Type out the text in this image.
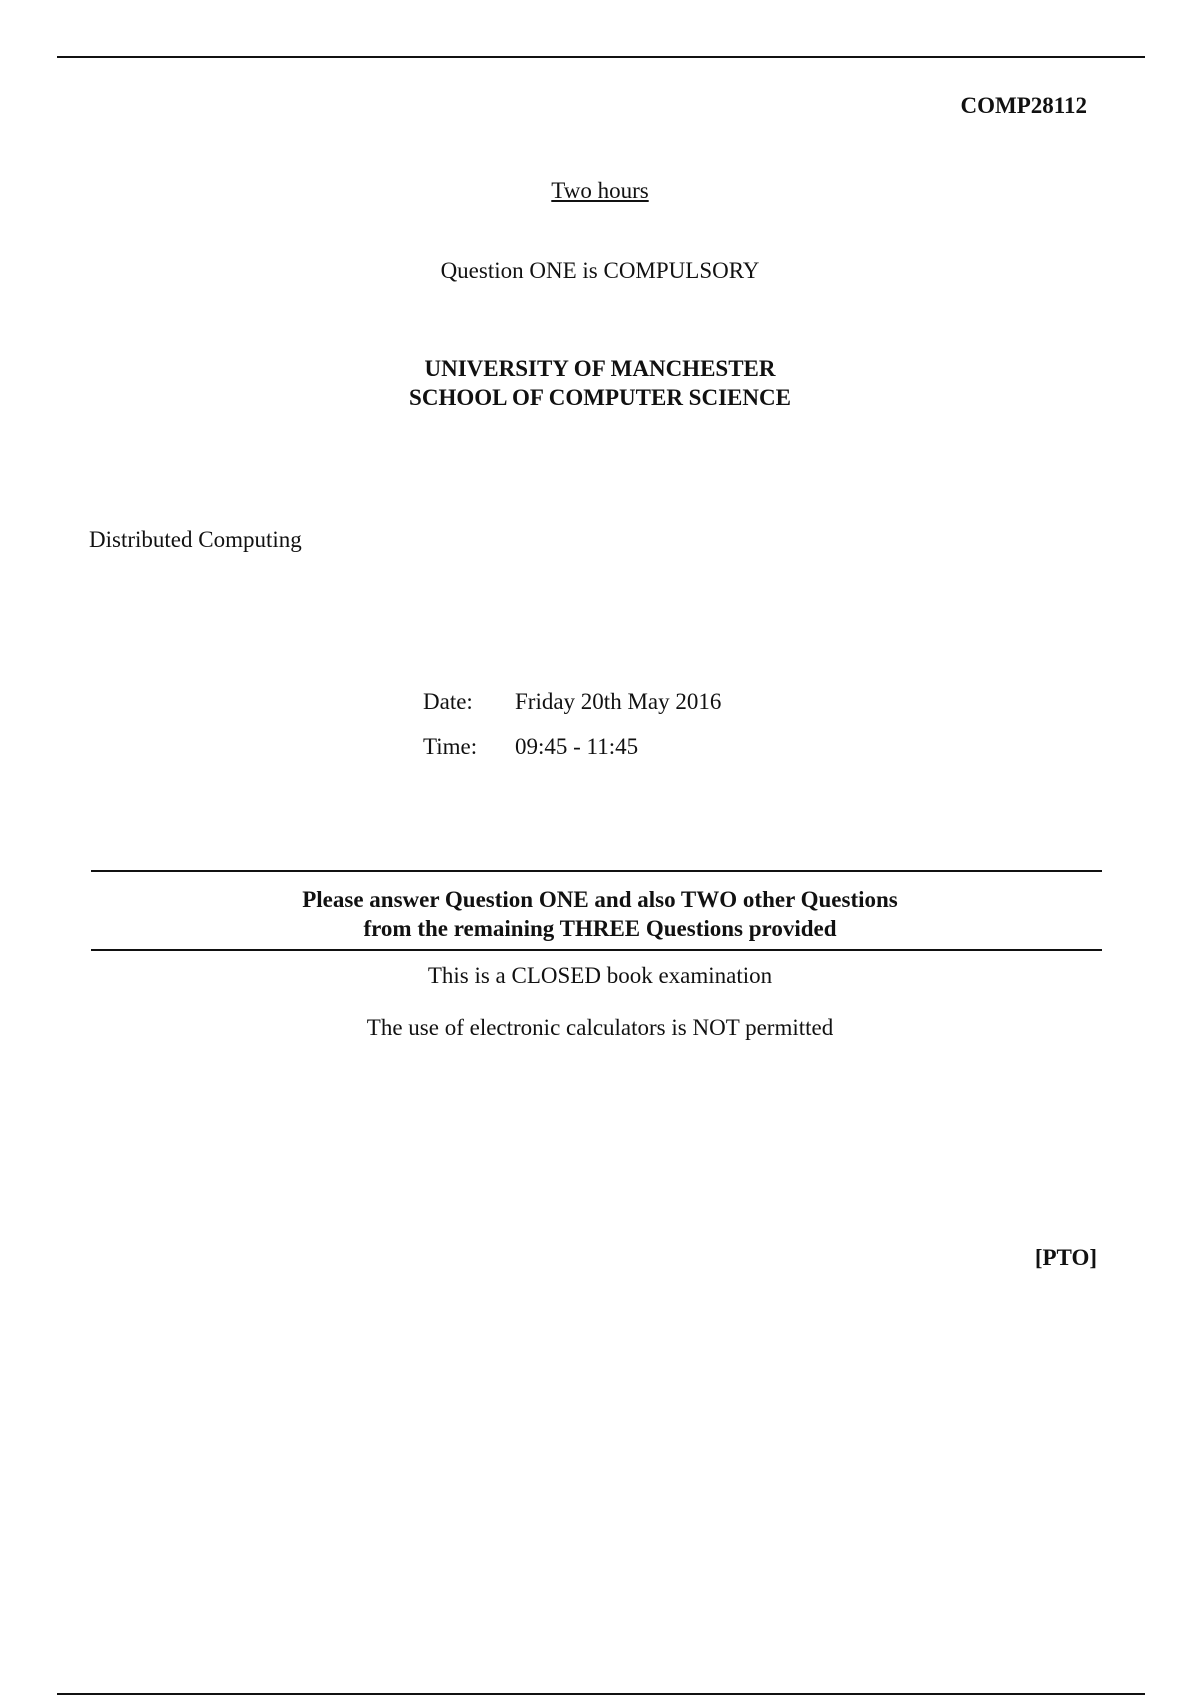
COMP28112
Two hours
Question ONE is COMPULSORY
UNIVERSITY OF MANCHESTER
SCHOOL OF COMPUTER SCIENCE
Distributed Computing
Date: Friday 20th May 2016
Time: 09:45 - 11:45
Please answer Question ONE and also TWO other Questions
from the remaining THREE Questions provided
This is a CLOSED book examination
The use of electronic calculators is NOT permitted
[PTO]
